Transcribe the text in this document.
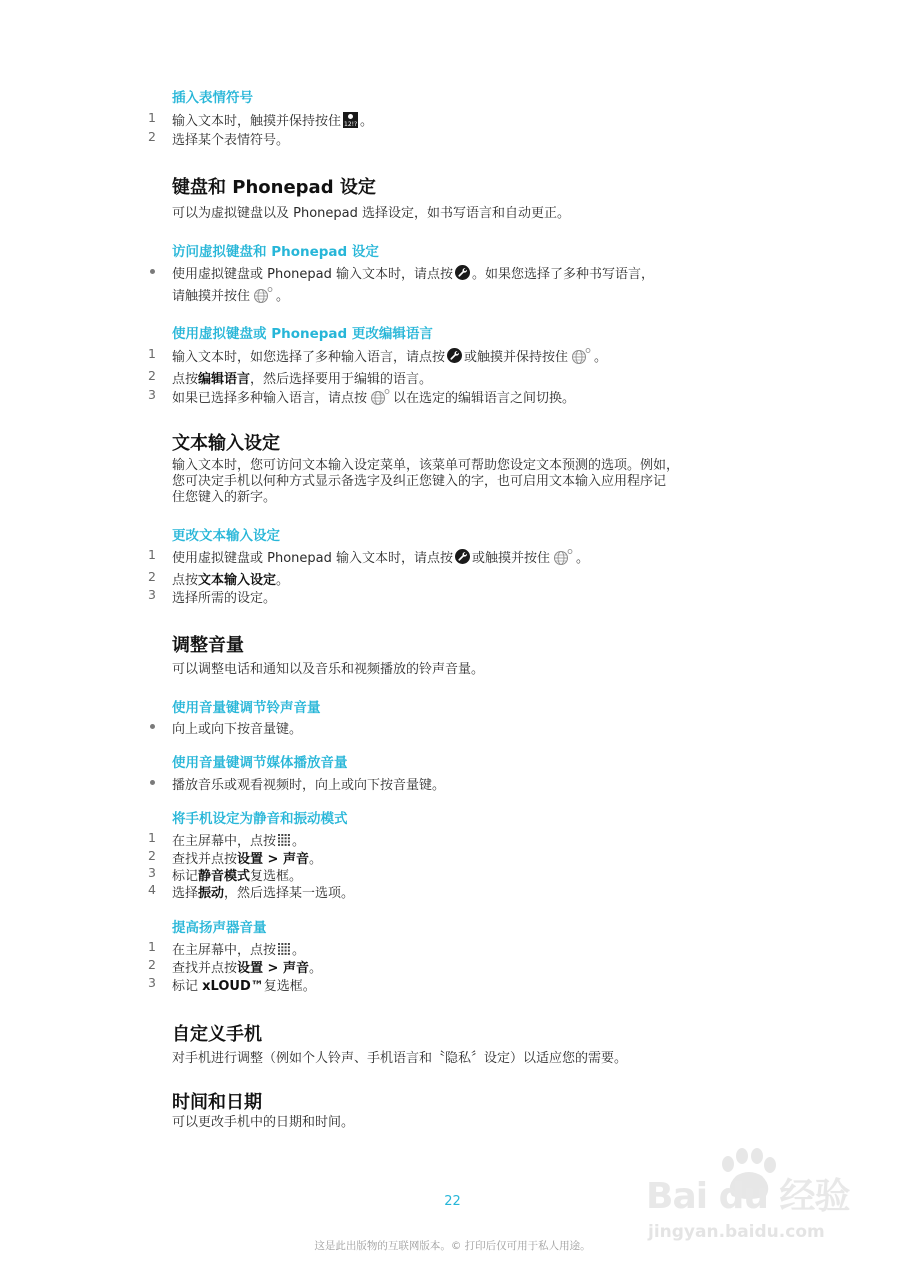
插入表情符号
1	输入文本时，触摸并保持按住 12!? 。
2	选择某个表情符号。
键盘和 Phonepad 设定
可以为虚拟键盘以及 Phonepad 选择设定，如书写语言和自动更正。
访问虚拟键盘和 Phonepad 设定
使用虚拟键盘或 Phonepad 输入文本时，请点按 。如果您选择了多种书写语言，
请触摸并按住 。
使用虚拟键盘或 Phonepad 更改编辑语言
1	输入文本时，如您选择了多种输入语言，请点按 或触摸并保持按住 。
2	点按编辑语言，然后选择要用于编辑的语言。
3	如果已选择多种输入语言，请点按 以在选定的编辑语言之间切换。
文本输入设定
输入文本时，您可访问文本输入设定菜单，该菜单可帮助您设定文本预测的选项。例如，
您可决定手机以何种方式显示备选字及纠正您键入的字，也可启用文本输入应用程序记
住您键入的新字。
更改文本输入设定
1	使用虚拟键盘或 Phonepad 输入文本时，请点按 或触摸并按住 。
2	点按文本输入设定。
3	选择所需的设定。
调整音量
可以调整电话和通知以及音乐和视频播放的铃声音量。
使用音量键调节铃声音量
向上或向下按音量键。
使用音量键调节媒体播放音量
播放音乐或观看视频时，向上或向下按音量键。
将手机设定为静音和振动模式
1	在主屏幕中，点按 。
2	查找并点按设置 > 声音。
3	标记静音模式复选框。
4	选择振动，然后选择某一选项。
提高扬声器音量
1	在主屏幕中，点按 。
2	查找并点按设置 > 声音。
3	标记 xLOUD™复选框。
自定义手机
对手机进行调整（例如个人铃声、手机语言和〝隐私〞设定）以适应您的需要。
时间和日期
可以更改手机中的日期和时间。
22
这是此出版物的互联网版本。© 打印后仅可用于私人用途。
Bai du 经验
jingyan.baidu.com
